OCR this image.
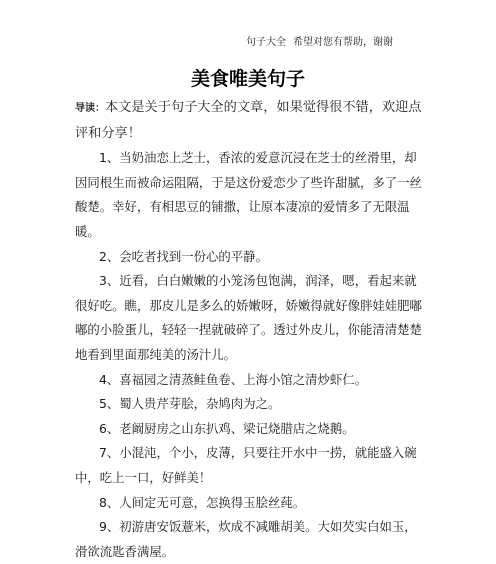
句子大全 希望对您有帮助，谢谢
美食唯美句子

导读：本文是关于句子大全的文章，如果觉得很不错，欢迎点评和分享！

1、当奶油恋上芝士，香浓的爱意沉浸在芝士的丝滑里，却因同根生而被命运阻隔，于是这份爱恋少了些许甜腻，多了一丝酸楚。幸好，有相思豆的铺撒，让原本凄凉的爱情多了无限温暖。

2、会吃者找到一份心的平静。

3、近看，白白嫩嫩的小笼汤包饱满，润泽，嗯，看起来就很好吃。瞧，那皮儿是多么的娇嫩呀，娇嫩得就好像胖娃娃肥嘟嘟的小脸蛋儿，轻轻一捏就破碎了。透过外皮儿，你能清清楚楚地看到里面那纯美的汤汁儿。

4、喜福园之清蒸鲑鱼卷、上海小馆之清炒虾仁。

5、蜀人贵芹芽脍，杂鸠肉为之。

6、老阚厨房之山东扒鸡、梁记烧腊店之烧鹅。

7、小混沌，个小，皮薄，只要往开水中一捞，就能盛入碗中，吃上一口，好鲜美！

8、人间定无可意，怎换得玉脍丝莼。

9、初游唐安饭薏米，炊成不减雕胡美。大如芡实白如玉，滑欲流匙香满屋。
